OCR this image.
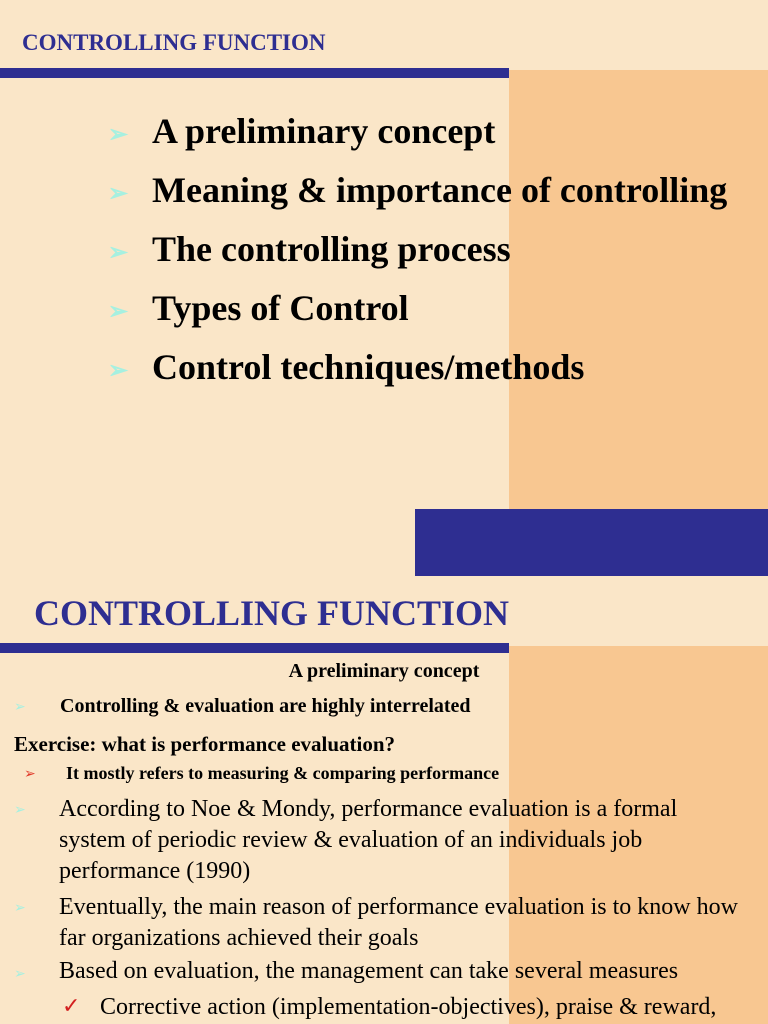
CONTROLLING FUNCTION
➢ A preliminary concept
➢ Meaning & importance of controlling
➢ The controlling process
➢ Types of Control
➢ Control techniques/methods
CONTROLLING FUNCTION
A preliminary concept
➢ Controlling & evaluation are highly interrelated
Exercise: what is performance evaluation?
➢ It mostly refers to measuring & comparing performance
➢ According to Noe & Mondy, performance evaluation is a formal system of periodic review & evaluation of an individuals job performance (1990)
➢ Eventually, the main reason of performance evaluation is to know how far organizations achieved their goals
➢ Based on evaluation, the management can take several measures
✓ Corrective action (implementation-objectives), praise & reward,
